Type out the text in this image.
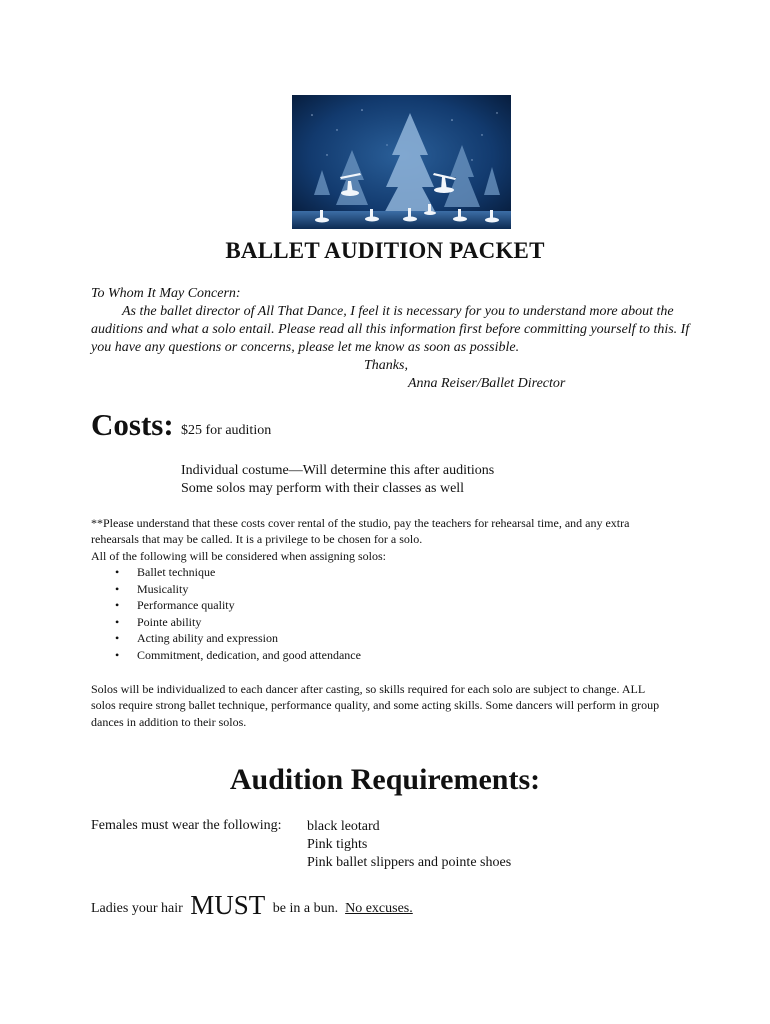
BALLET AUDITION PACKET

To Whom It May Concern:

As the ballet director of All That Dance, I feel it is necessary for you to understand more about the auditions and what a solo entail. Please read all this information first before committing yourself to this. If you have any questions or concerns, please let me know as soon as possible.

Thanks,

Anna Reiser/Ballet Director

Costs: $25 for audition
Individual costume—Will determine this after auditions
Some solos may perform with their classes as well

**Please understand that these costs cover rental of the studio, pay the teachers for rehearsal time, and any extra rehearsals that may be called. It is a privilege to be chosen for a solo.

All of the following will be considered when assigning solos:

• Ballet technique
• Musicality
• Performance quality
• Pointe ability
• Acting ability and expression
• Commitment, dedication, and good attendance

Solos will be individualized to each dancer after casting, so skills required for each solo are subject to change. ALL solos require strong ballet technique, performance quality, and some acting skills. Some dancers will perform in group dances in addition to their solos.

Audition Requirements:
Females must wear the following: black leotard
Pink tights
Pink ballet slippers and pointe shoes
Ladies your hair MUST be in a bun. No excuses.
